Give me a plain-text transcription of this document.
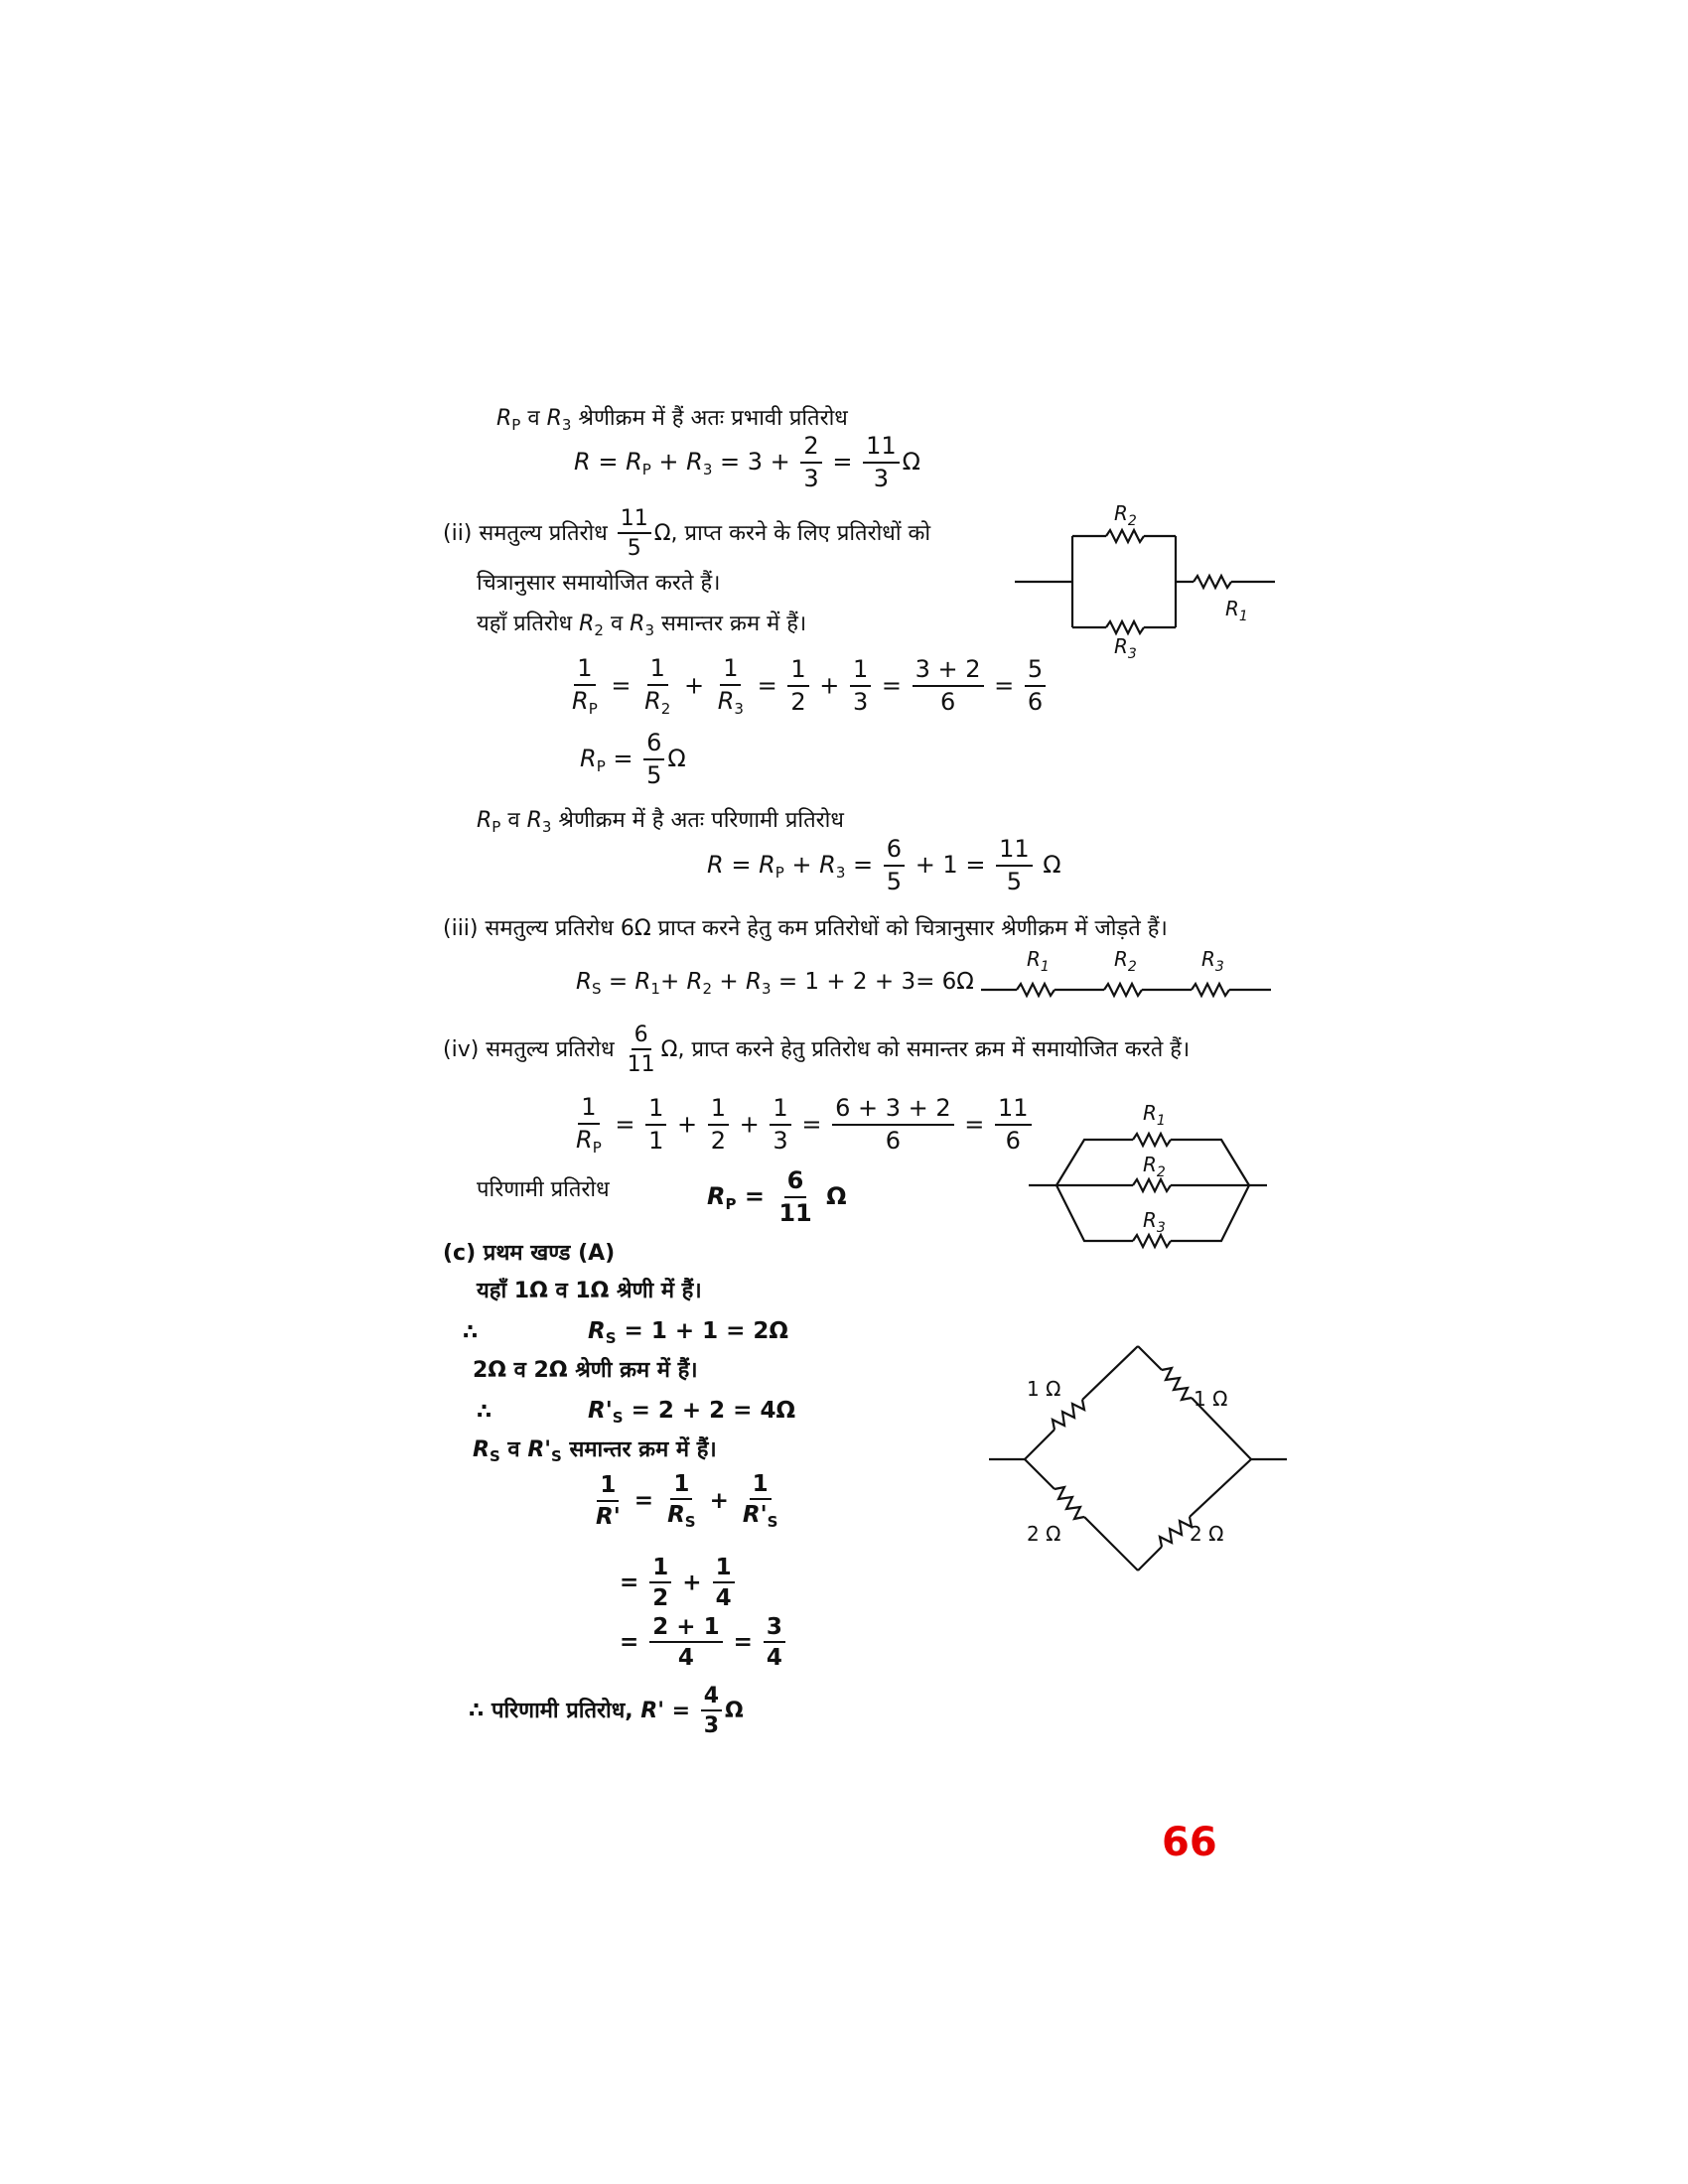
$R_P$ व $R_3$ श्रेणीक्रम में हैं अतः प्रभावी प्रतिरोध
$R = R_P + R_3 = 3 + \frac{2}{3} = \frac{11}{3}$ Ω
(ii) समतुल्य प्रतिरोध $\frac{11}{5} \Omega$, प्राप्त करने के लिए प्रतिरोधों को
चित्रानुसार समायोजित करते हैं।
यहाँ प्रतिरोध $R_2$ व $R_3$ समान्तर क्रम में हैं।
$\frac{1}{R_P} = \frac{1}{R_2} + \frac{1}{R_3} = \frac{1}{2} + \frac{1}{3} = \frac{3 + 2}{6} = \frac{5}{6}$
$R_P = \frac{6}{5}$ Ω
$R_P$ व $R_3$ श्रेणीक्रम में है अतः परिणामी प्रतिरोध
$R = R_P + R_3 = \frac{6}{5} + 1 = \frac{11}{5}$ Ω
$R_2$
$R_3$
$R_1$
(iii) समतुल्य प्रतिरोध 6Ω प्राप्त करने हेतु कम प्रतिरोधों को चित्रानुसार श्रेणीक्रम में जोड़ते हैं।
$R_S = R_1+ R_2 + R_3 = 1 + 2 + 3= 6\Omega$
$R_1$	$R_2$	$R_3$
(iv) समतुल्य प्रतिरोध $\frac{6}{11} \Omega$, प्राप्त करने हेतु प्रतिरोध को समान्तर क्रम में समायोजित करते हैं।
$\frac{1}{R_P} = \frac{1}{1} + \frac{1}{2} + \frac{1}{3} = \frac{6 + 3 + 2}{6} = \frac{11}{6}$
परिणामी प्रतिरोध	$R_P = \frac{6}{11}$ Ω
$R_1$
$R_2$
$R_3$
(c) प्रथम खण्ड (A)
यहाँ 1Ω व 1Ω श्रेणी में हैं।
∴	$R_S = 1 + 1 = 2\Omega$
2Ω व 2Ω श्रेणी क्रम में हैं।
∴	$R'_S = 2 + 2 = 4\Omega$
$R_S$ व $R'_S$ समान्तर क्रम में हैं।
$\frac{1}{R'} = \frac{1}{R_S} + \frac{1}{R'_S}$
= $\frac{1}{2} + \frac{1}{4}$
= $\frac{2 + 1}{4} = \frac{3}{4}$
∴ परिणामी प्रतिरोध, $R' = \frac{4}{3}$ Ω
1 Ω	1 Ω
2 Ω	2 Ω
66
